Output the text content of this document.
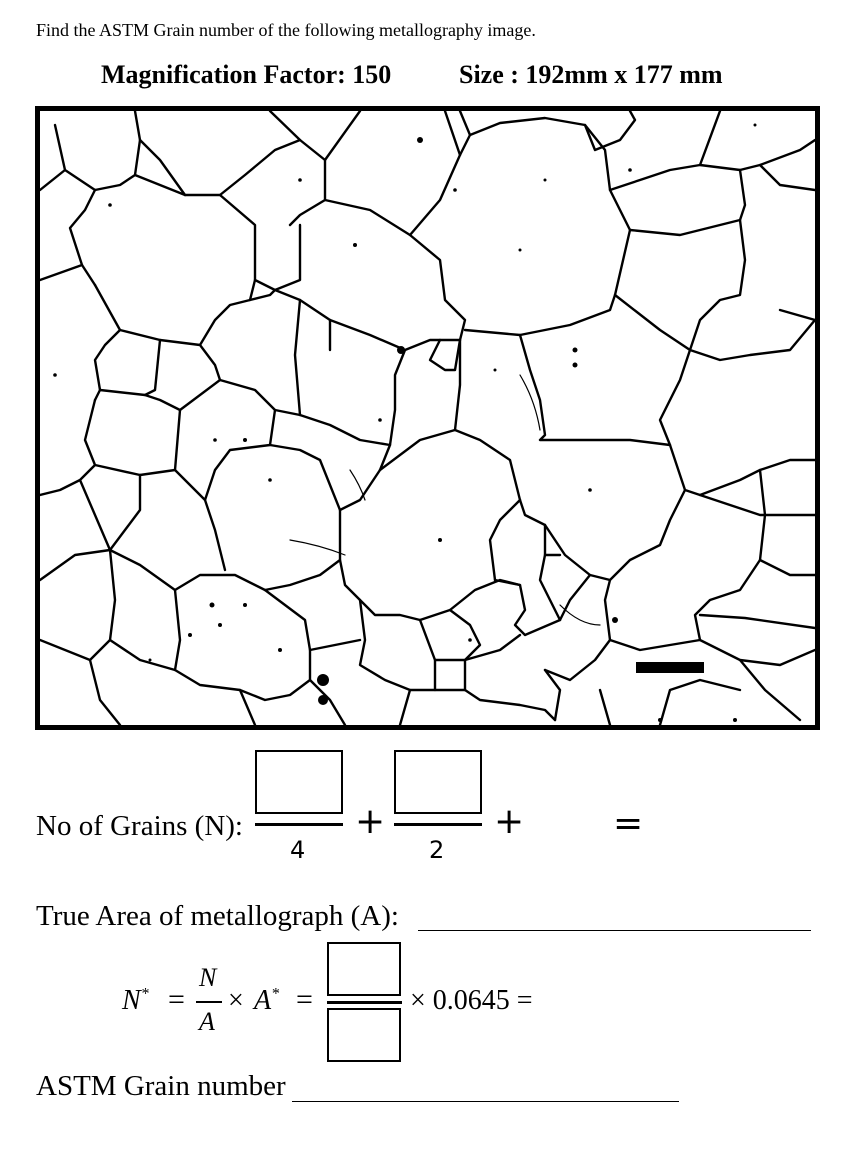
Find the ASTM Grain number of the following metallography image.
Magnification Factor: 150	Size : 192mm x 177 mm
No of Grains (N):
4
+
2
+ =
True Area of metallograph (A):
N* =
N
A
× A* =	× 0.0645 =
ASTM Grain number
